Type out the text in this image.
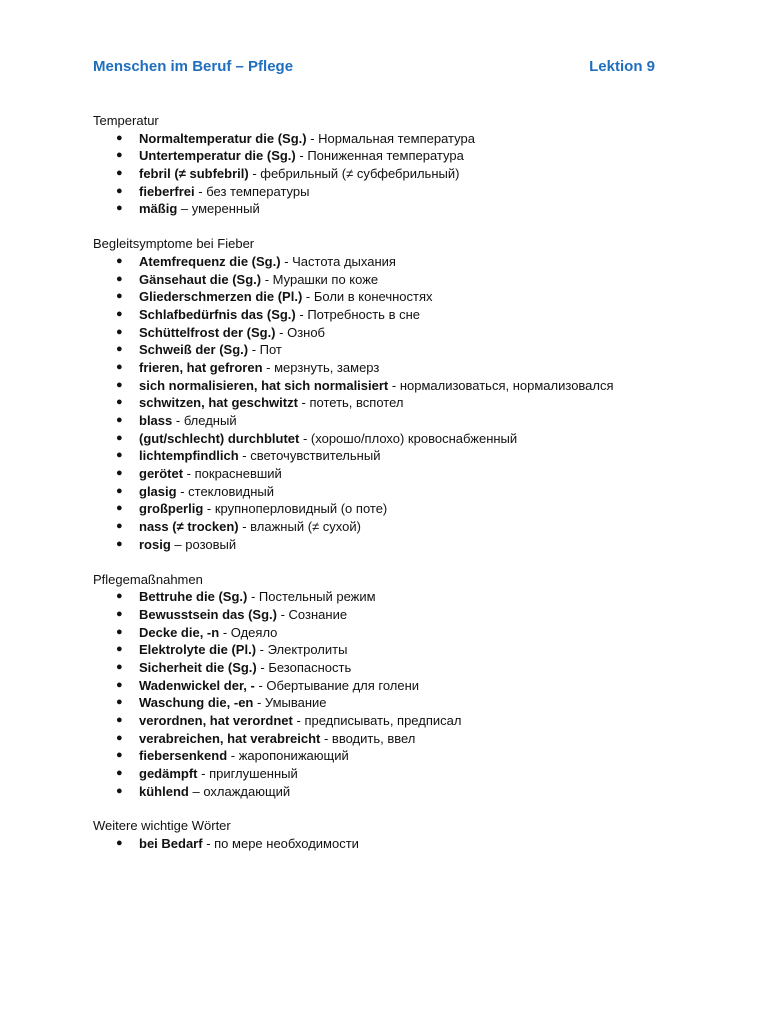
Menschen im Beruf – Pflege	Lektion 9
Temperatur
● Normaltemperatur die (Sg.) - Нормальная температура
● Untertemperatur die (Sg.) - Пониженная температура
● febril (≠ subfebril) - фебрильный (≠ субфебрильный)
● fieberfrei - без температуры
● mäßig – умеренный
Begleitsymptome bei Fieber
● Atemfrequenz die (Sg.) - Частота дыхания
● Gänsehaut die (Sg.) - Мурашки по коже
● Gliederschmerzen die (Pl.) - Боли в конечностях
● Schlafbedürfnis das (Sg.) - Потребность в сне
● Schüttelfrost der (Sg.) - Озноб
● Schweiß der (Sg.) - Пот
● frieren, hat gefroren - мерзнуть, замерз
● sich normalisieren, hat sich normalisiert - нормализоваться, нормализовался
● schwitzen, hat geschwitzt - потеть, вспотел
● blass - бледный
● (gut/schlecht) durchblutet - (хорошо/плохо) кровоснабженный
● lichtempfindlich - светочувствительный
● gerötet - покрасневший
● glasig - стекловидный
● großperlig - крупноперловидный (о поте)
● nass (≠ trocken) - влажный (≠ сухой)
● rosig – розовый
Pflegemaßnahmen
● Bettruhe die (Sg.) - Постельный режим
● Bewusstsein das (Sg.) - Сознание
● Decke die, -n - Одеяло
● Elektrolyte die (Pl.) - Электролиты
● Sicherheit die (Sg.) - Безопасность
● Wadenwickel der, - - Обертывание для голени
● Waschung die, -en - Умывание
● verordnen, hat verordnet - предписывать, предписал
● verabreichen, hat verabreicht - вводить, ввел
● fiebersenkend - жаропонижающий
● gedämpft - приглушенный
● kühlend – охлаждающий
Weitere wichtige Wörter
● bei Bedarf - по мере необходимости
